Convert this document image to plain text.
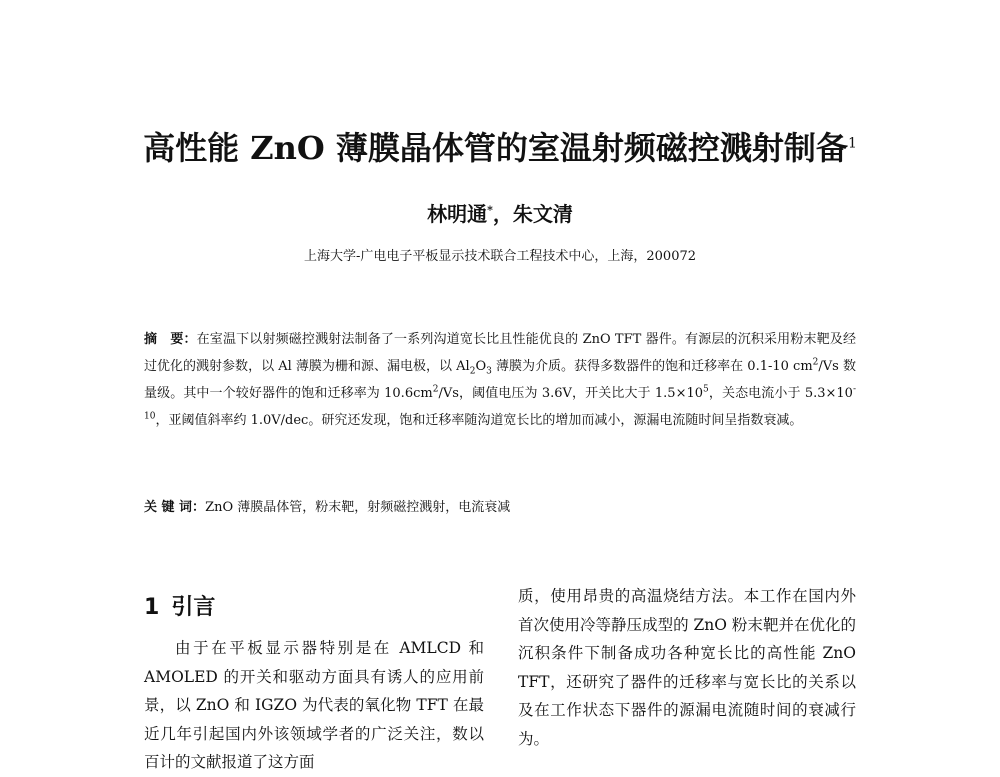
高性能 ZnO 薄膜晶体管的室温射频磁控溅射制备$^1$
林明通*，朱文清
上海大学-广电电子平板显示技术联合工程技术中心，上海，200072
摘　要：在室温下以射频磁控溅射法制备了一系列沟道宽长比且性能优良的 ZnO TFT 器件。有源层的沉积采用粉末靶及经过优化的溅射参数，以 Al 薄膜为栅和源、漏电极，以 $Al_2O_3$ 薄膜为介质。获得多数器件的饱和迁移率在 0.1-10 $cm^2/Vs$ 数量级。其中一个较好器件的饱和迁移率为 $10.6cm^2/Vs$，阈值电压为 3.6V，开关比大于 $1.5\times 10^5$，关态电流小于 $5.3\times 10^{-10}$，亚阈值斜率约 1.0V/dec。研究还发现，饱和迁移率随沟道宽长比的增加而减小，源漏电流随时间呈指数衰减。
关 键 词：ZnO 薄膜晶体管，粉末靶，射频磁控溅射，电流衰减
1 引言
由于在平板显示器特别是在 AMLCD 和 AMOLED 的开关和驱动方面具有诱人的应用前景，以 ZnO 和 IGZO 为代表的氧化物 TFT 在最近几年引起国内外该领域学者的广泛关注，数以百计的文献报道了这方面
质，使用昂贵的高温烧结方法。本工作在国内外首次使用冷等静压成型的 ZnO 粉末靶并在优化的沉积条件下制备成功各种宽长比的高性能 ZnO TFT，还研究了器件的迁移率与宽长比的关系以及在工作状态下器件的源漏电流随时间的衰减行为。
